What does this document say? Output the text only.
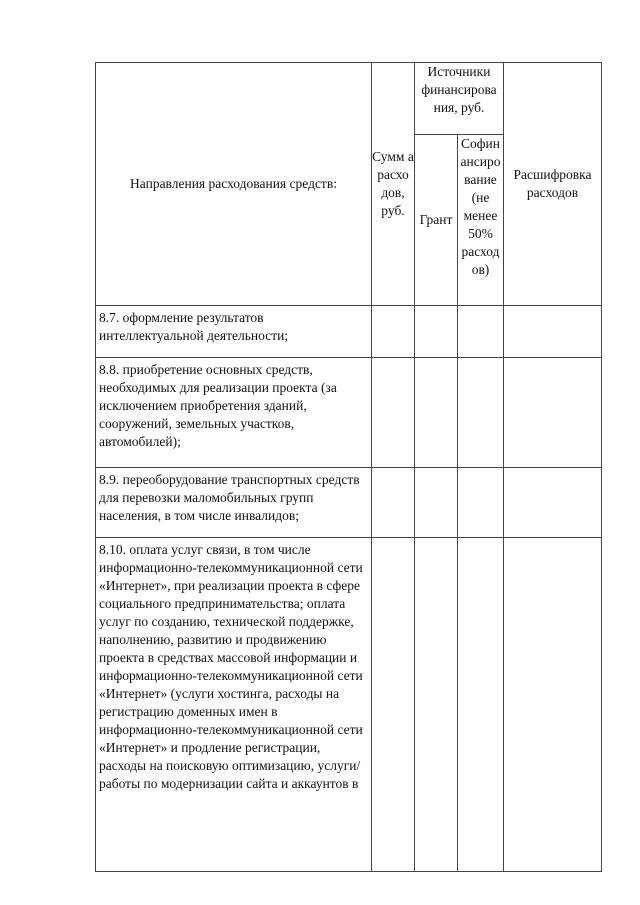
Направления расходования средств:	Сумм а расхо дов, руб.	Источники финансирова ния, руб.		Расшифровка расходов
		Грант	Софин ансиро вание (не менее 50% расход ов)	
8.7. оформление результатов интеллектуальной деятельности;				
8.8. приобретение основных средств, необходимых для реализации проекта (за исключением приобретения зданий, сооружений, земельных участков, автомобилей);				
8.9. переоборудование транспортных средств для перевозки маломобильных групп населения, в том числе инвалидов;				
8.10. оплата услуг связи, в том числе информационно-телекоммуникационной сети «Интернет», при реализации проекта в сфере социального предпринимательства; оплата услуг по созданию, технической поддержке, наполнению, развитию и продвижению проекта в средствах массовой информации и информационно-телекоммуникационной сети «Интернет» (услуги хостинга, расходы на регистрацию доменных имен в информационно-телекоммуникационной сети «Интернет» и продление регистрации, расходы на поисковую оптимизацию, услуги/работы по модернизации сайта и аккаунтов в				
